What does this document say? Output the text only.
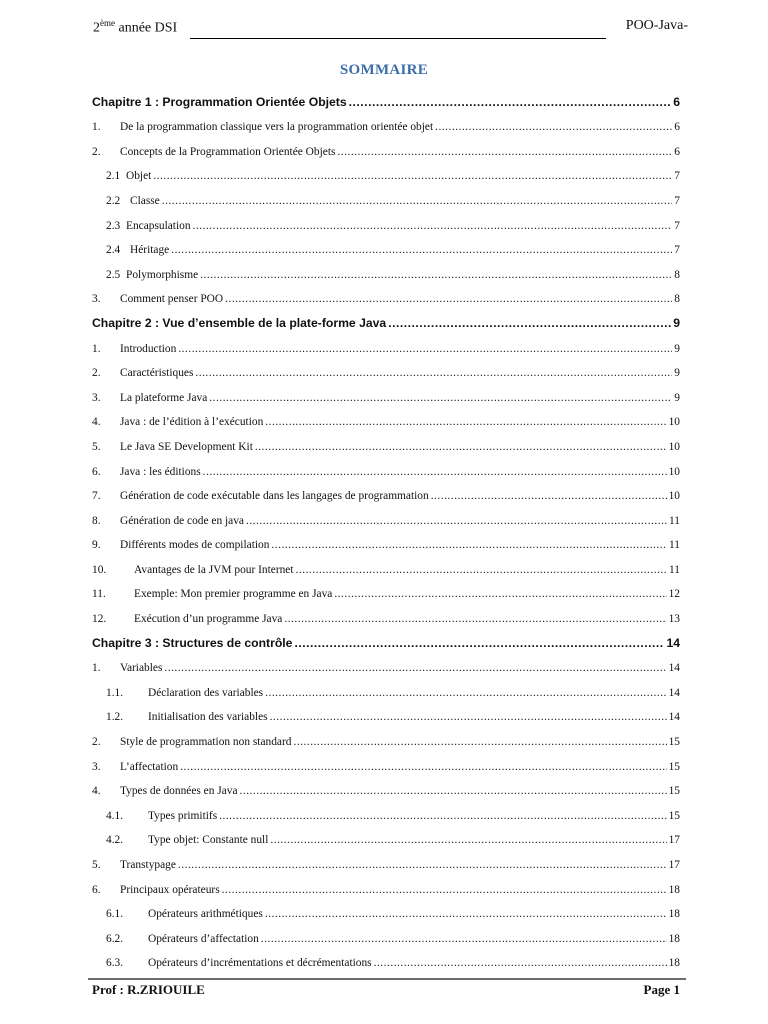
2ème année DSI	POO-Java-
SOMMAIRE
Chapitre 1 : Programmation Orientée Objets .....	6
1.	De la programmation classique vers la programmation orientée objet .....	6
2.	Concepts de la Programmation Orientée Objets .....	6
2.1 Objet .....	7
2.2 Classe .....	7
2.3 Encapsulation .....	7
2.4 Héritage .....	7
2.5 Polymorphisme .....	8
3.	Comment penser POO .....	8
Chapitre 2 : Vue d’ensemble de la plate-forme Java .....	9
1.	Introduction .....	9
2.	Caractéristiques .....	9
3.	La plateforme Java .....	9
4.	Java : de l’édition à l’exécution .....	10
5.	Le Java SE Development Kit .....	10
6.	Java : les éditions .....	10
7.	Génération de code exécutable dans les langages de programmation .....	10
8.	Génération de code en java .....	11
9.	Différents modes de compilation .....	11
10.	Avantages de la JVM pour Internet .....	11
11.	Exemple: Mon premier programme en Java .....	12
12.	Exécution d’un programme Java .....	13
Chapitre 3 : Structures de contrôle .....	14
1.	Variables .....	14
1.1.	Déclaration des variables .....	14
1.2.	Initialisation des variables .....	14
2.	Style de programmation non standard .....	15
3.	L’affectation .....	15
4.	Types de données en Java .....	15
4.1.	Types primitifs .....	15
4.2.	Type objet: Constante null .....	17
5.	Transtypage .....	17
6.	Principaux opérateurs .....	18
6.1.	Opérateurs arithmétiques .....	18
6.2.	Opérateurs d’affectation .....	18
6.3.	Opérateurs d’incrémentations et décrémentations .....	18
Prof : R.ZRIOUILE	Page 1
